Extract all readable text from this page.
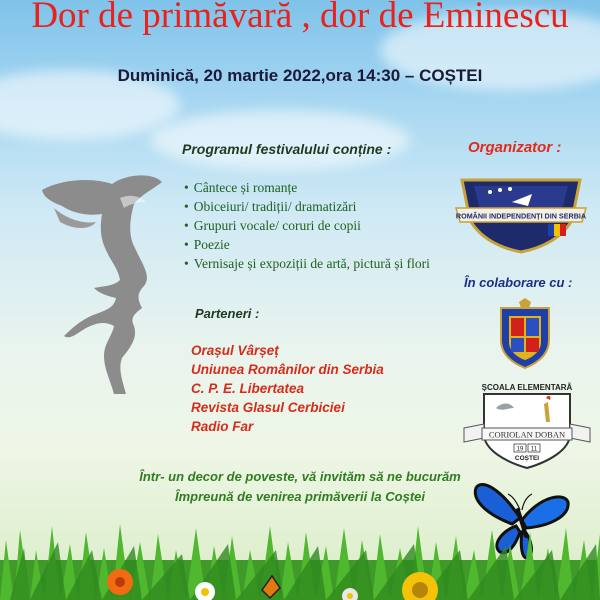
Dor de primăvară , dor de Eminescu
Duminică, 20 martie 2022,ora 14:30 – COȘTEI
Programul festivalului conține :
• Cântece și romanțe
• Obiceiuri/ tradiții/ dramatizări
• Grupuri vocale/ coruri de copii
• Poezie
• Vernisaje și expoziții de artă, pictură și flori
Parteneri :
Orașul Vârșeț
Uniunea Românilor din Serbia
C. P. E. Libertatea
Revista Glasul Cerbiciei
Radio Far
Într- un decor de poveste, vă invităm să ne bucurăm
Împreună de venirea primăverii la Coștei
Organizator :
ROMÂNII INDEPENDENȚI DIN SERBIA
În colaborare cu :
ȘCOALA ELEMENTARĂ
CORIOLAN DOBAN
19 11
COȘTEI
